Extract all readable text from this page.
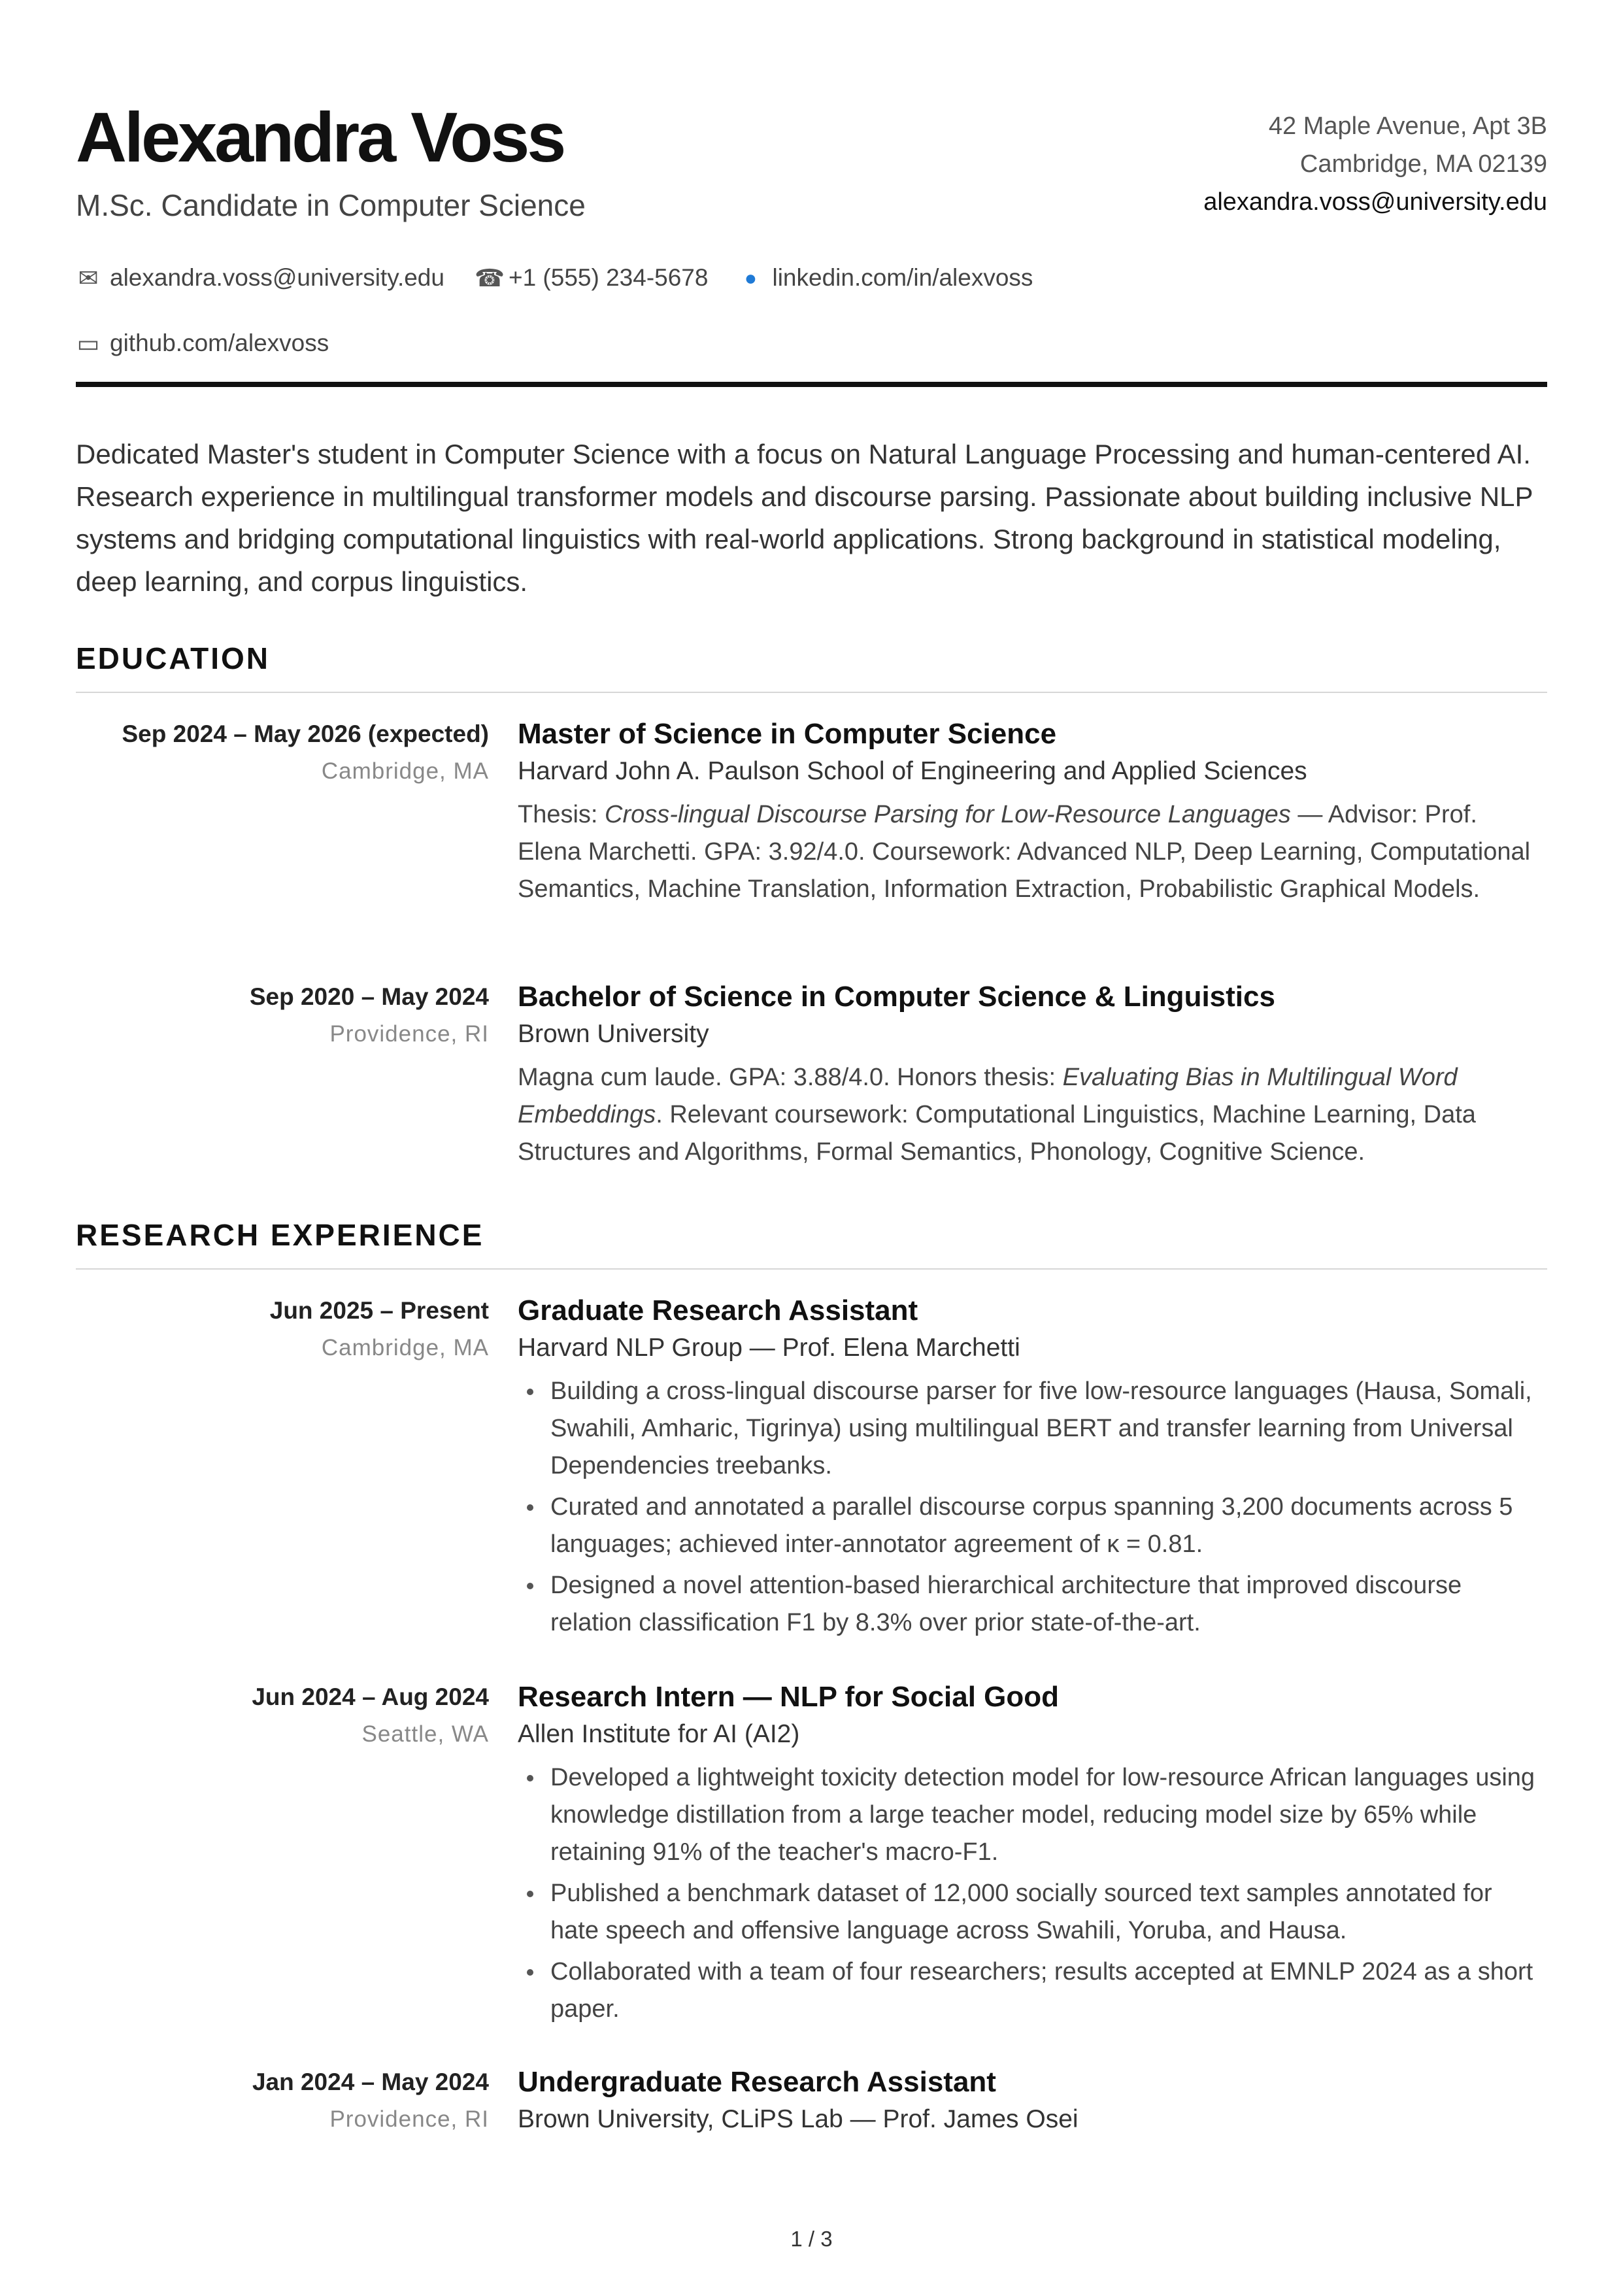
Alexandra Voss
M.Sc. Candidate in Computer Science
42 Maple Avenue, Apt 3B
Cambridge, MA 02139
alexandra.voss@university.edu
✉ alexandra.voss@university.edu ☎ +1 (555) 234-5678 ● linkedin.com/in/alexvoss
▭ github.com/alexvoss

Dedicated Master's student in Computer Science with a focus on Natural Language Processing and human-centered AI. Research experience in multilingual transformer models and discourse parsing. Passionate about building inclusive NLP systems and bridging computational linguistics with real-world applications. Strong background in statistical modeling, deep learning, and corpus linguistics.

EDUCATION
Sep 2024 – May 2026 (expected)
Cambridge, MA
Master of Science in Computer Science
Harvard John A. Paulson School of Engineering and Applied Sciences
Thesis: Cross-lingual Discourse Parsing for Low-Resource Languages — Advisor: Prof. Elena Marchetti. GPA: 3.92/4.0. Coursework: Advanced NLP, Deep Learning, Computational Semantics, Machine Translation, Information Extraction, Probabilistic Graphical Models.
Sep 2020 – May 2024
Providence, RI
Bachelor of Science in Computer Science & Linguistics
Brown University
Magna cum laude. GPA: 3.88/4.0. Honors thesis: Evaluating Bias in Multilingual Word Embeddings. Relevant coursework: Computational Linguistics, Machine Learning, Data Structures and Algorithms, Formal Semantics, Phonology, Cognitive Science.
RESEARCH EXPERIENCE
Jun 2025 – Present
Cambridge, MA
Graduate Research Assistant
Harvard NLP Group — Prof. Elena Marchetti
Building a cross-lingual discourse parser for five low-resource languages (Hausa, Somali, Swahili, Amharic, Tigrinya) using multilingual BERT and transfer learning from Universal Dependencies treebanks.
Curated and annotated a parallel discourse corpus spanning 3,200 documents across 5 languages; achieved inter-annotator agreement of κ = 0.81.
Designed a novel attention-based hierarchical architecture that improved discourse relation classification F1 by 8.3% over prior state-of-the-art.
Jun 2024 – Aug 2024
Seattle, WA
Research Intern — NLP for Social Good
Allen Institute for AI (AI2)
Developed a lightweight toxicity detection model for low-resource African languages using knowledge distillation from a large teacher model, reducing model size by 65% while retaining 91% of the teacher's macro-F1.
Published a benchmark dataset of 12,000 socially sourced text samples annotated for hate speech and offensive language across Swahili, Yoruba, and Hausa.
Collaborated with a team of four researchers; results accepted at EMNLP 2024 as a short paper.
Jan 2024 – May 2024
Providence, RI
Undergraduate Research Assistant
Brown University, CLiPS Lab — Prof. James Osei
1 / 3
